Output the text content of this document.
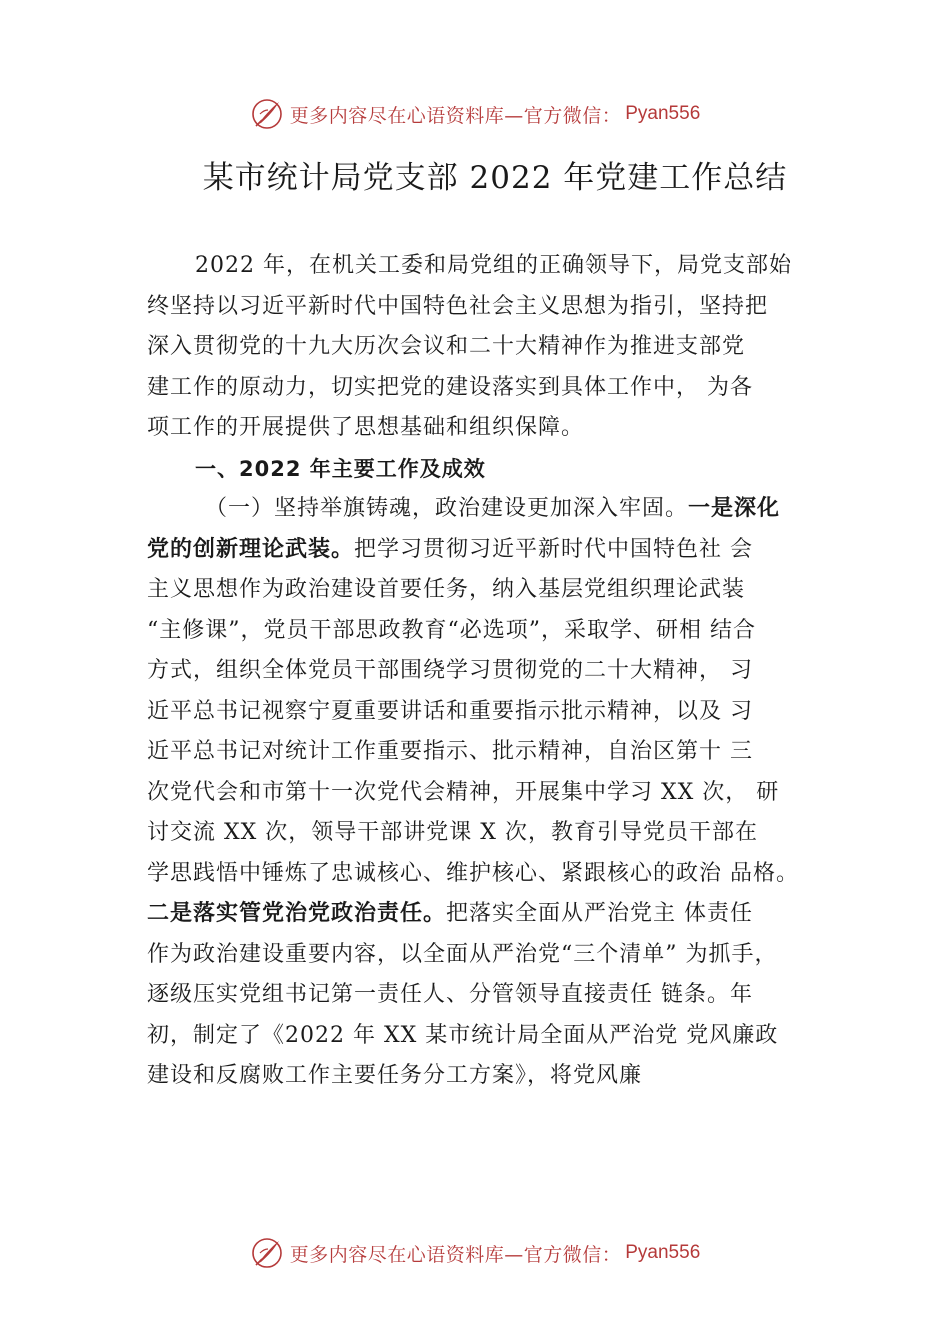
更多内容尽在心语资料库—官方微信： Pyan556
某市统计局党支部 2022 年党建工作总结
2022 年，在机关工委和局党组的正确领导下，局党支部始
终坚持以习近平新时代中国特色社会主义思想为指引，坚持把
深入贯彻党的十九大历次会议和二十大精神作为推进支部党
建工作的原动力，切实把党的建设落实到具体工作中， 为各
项工作的开展提供了思想基础和组织保障。
一、2022 年主要工作及成效
（一）坚持举旗铸魂，政治建设更加深入牢固。一是深化
党的创新理论武装。把学习贯彻习近平新时代中国特色社 会
主义思想作为政治建设首要任务，纳入基层党组织理论武装
“主修课”，党员干部思政教育“必选项”，采取学、研相 结合
方式，组织全体党员干部围绕学习贯彻党的二十大精神， 习
近平总书记视察宁夏重要讲话和重要指示批示精神，以及 习
近平总书记对统计工作重要指示、批示精神，自治区第十 三
次党代会和市第十一次党代会精神，开展集中学习 XX 次， 研
讨交流 XX 次，领导干部讲党课 X 次，教育引导党员干部在
学思践悟中锤炼了忠诚核心、维护核心、紧跟核心的政治 品格。
二是落实管党治党政治责任。把落实全面从严治党主 体责任
作为政治建设重要内容，以全面从严治党“三个清单” 为抓手，
逐级压实党组书记第一责任人、分管领导直接责任 链条。年
初，制定了《2022 年 XX 某市统计局全面从严治党 党风廉政
建设和反腐败工作主要任务分工方案》，将党风廉
更多内容尽在心语资料库—官方微信： Pyan556
